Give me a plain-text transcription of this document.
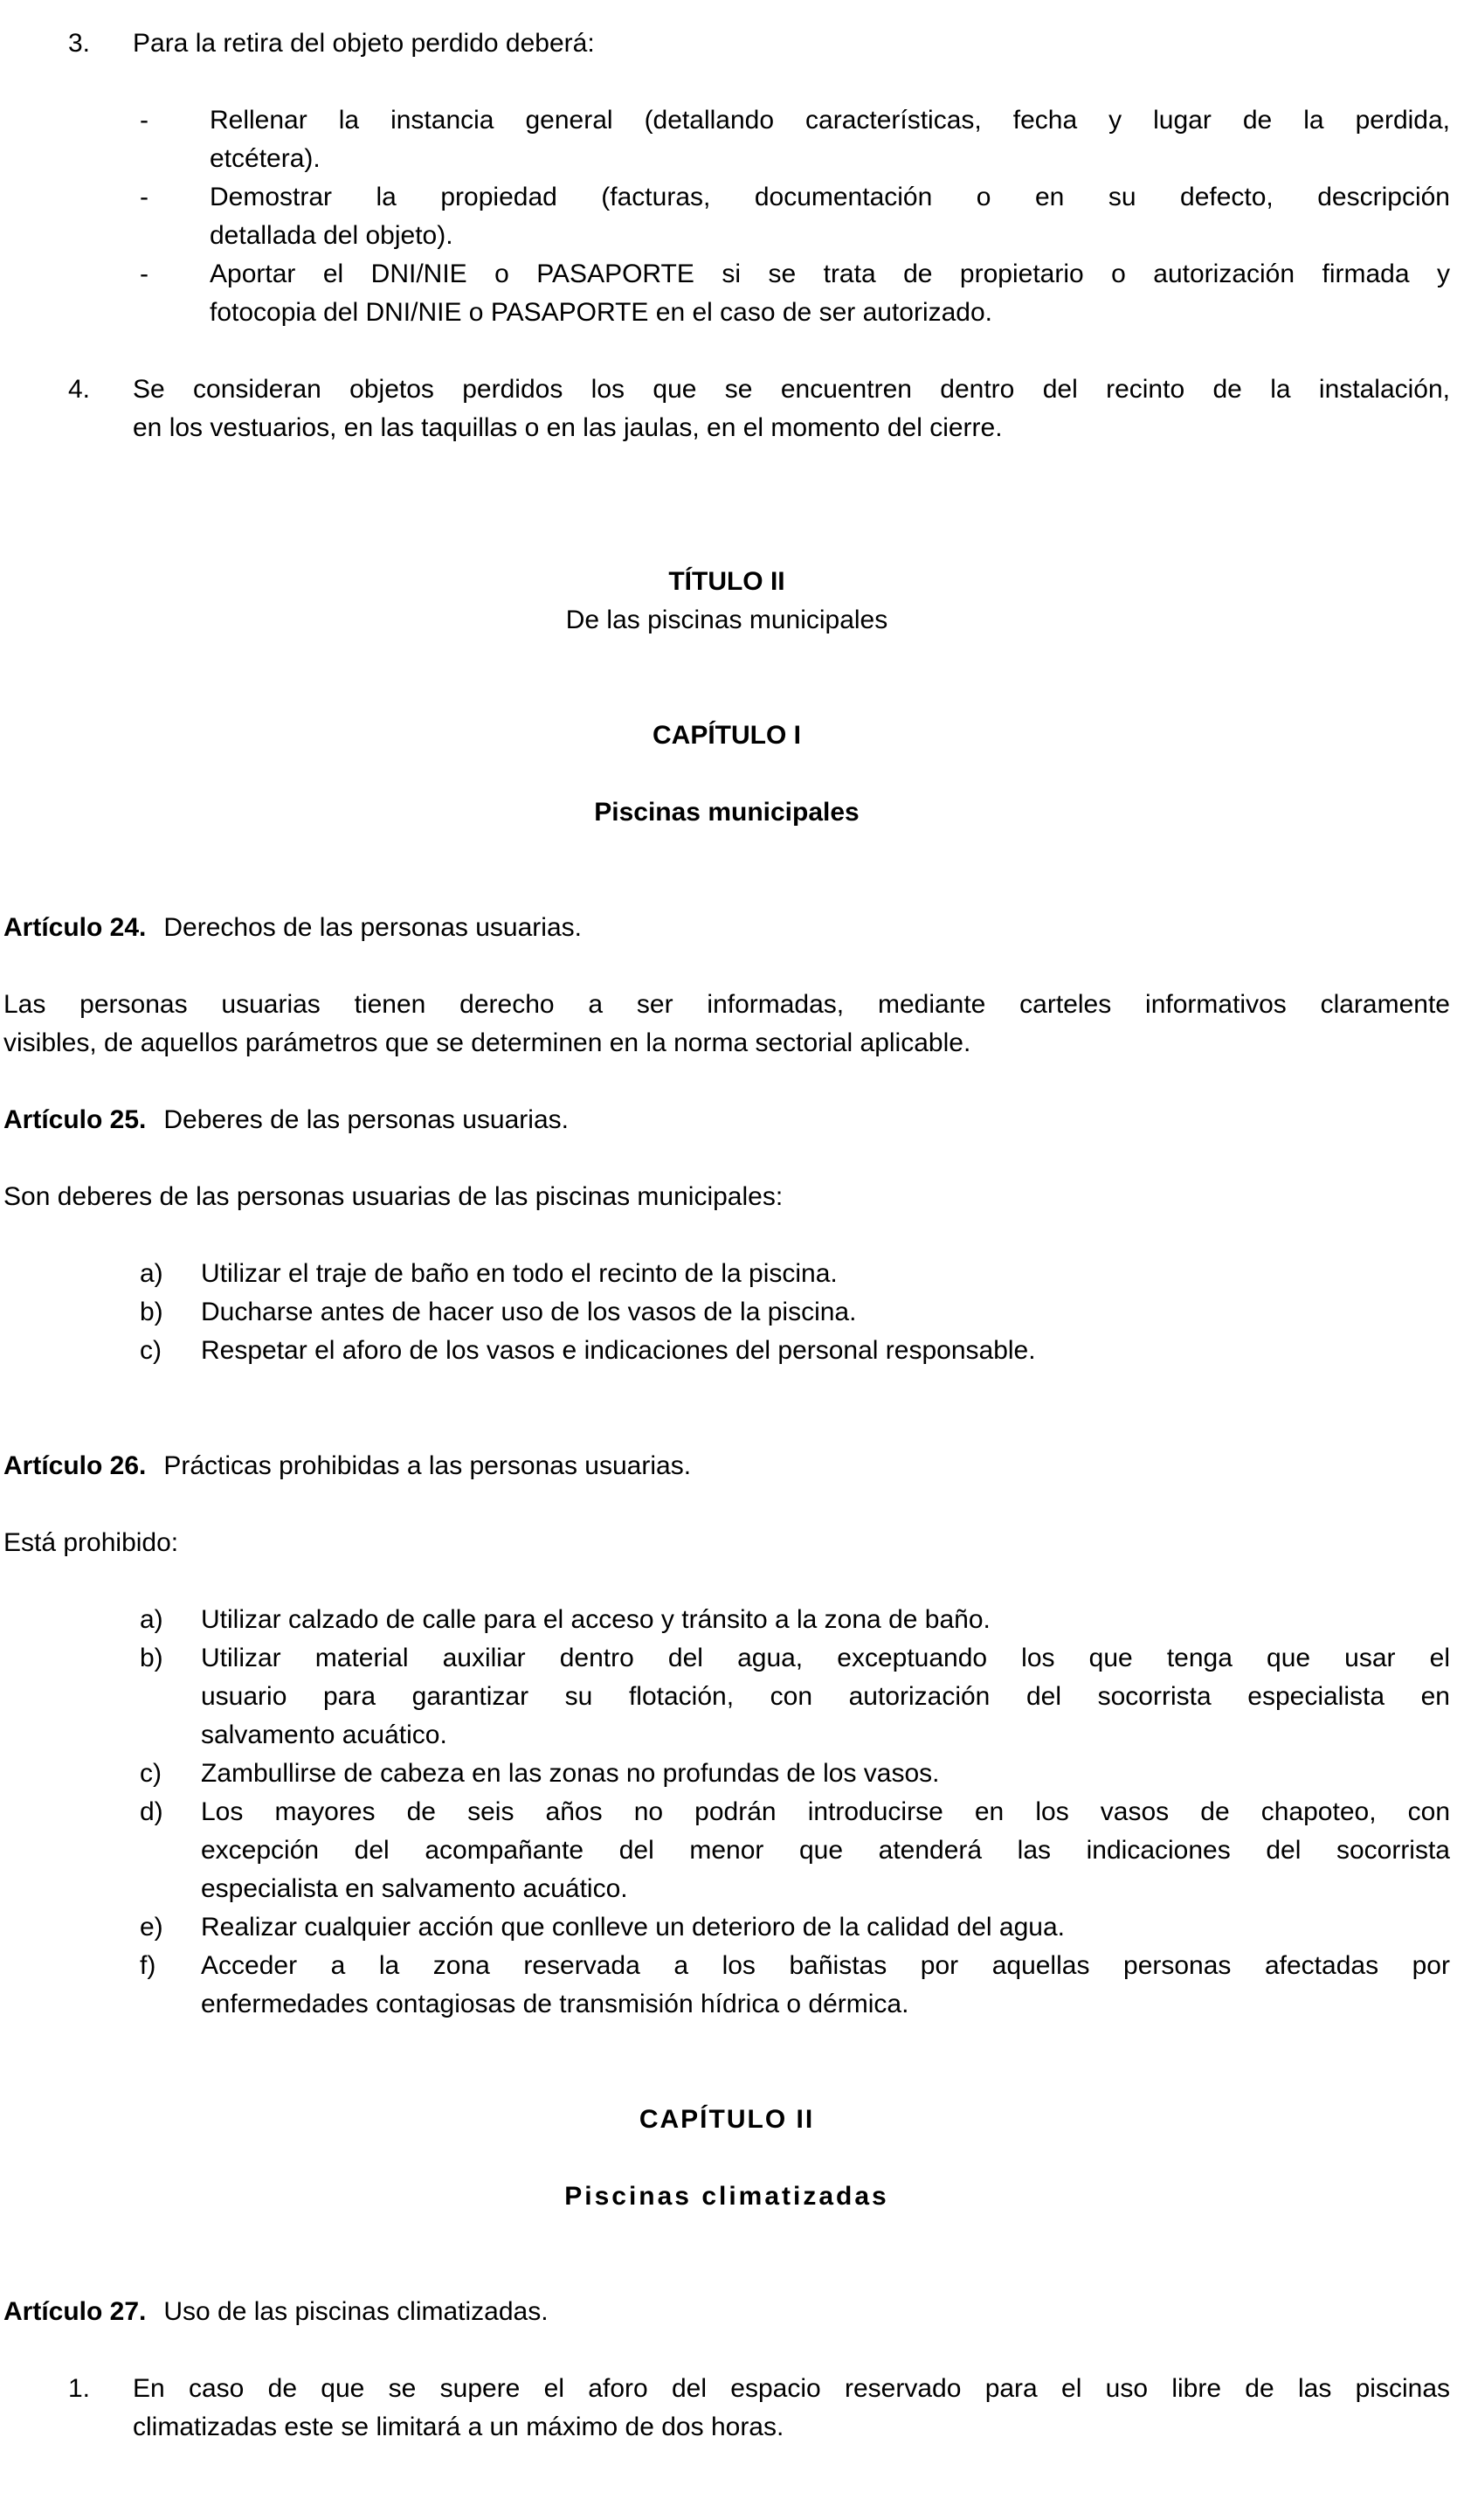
3. Para la retira del objeto perdido deberá:
- Rellenar la instancia general (detallando características, fecha y lugar de la perdida,
etcétera).
- Demostrar la propiedad (facturas, documentación o en su defecto, descripción
detallada del objeto).
- Aportar el DNI/NIE o PASAPORTE si se trata de propietario o autorización firmada y
fotocopia del DNI/NIE o PASAPORTE en el caso de ser autorizado.
4. Se consideran objetos perdidos los que se encuentren dentro del recinto de la instalación,
en los vestuarios, en las taquillas o en las jaulas, en el momento del cierre.
TÍTULO II
De las piscinas municipales
CAPÍTULO I
Piscinas municipales
Artículo 24. Derechos de las personas usuarias.
Las personas usuarias tienen derecho a ser informadas, mediante carteles informativos claramente
visibles, de aquellos parámetros que se determinen en la norma sectorial aplicable.
Artículo 25. Deberes de las personas usuarias.
Son deberes de las personas usuarias de las piscinas municipales:
a) Utilizar el traje de baño en todo el recinto de la piscina.
b) Ducharse antes de hacer uso de los vasos de la piscina.
c) Respetar el aforo de los vasos e indicaciones del personal responsable.
Artículo 26. Prácticas prohibidas a las personas usuarias.
Está prohibido:
a) Utilizar calzado de calle para el acceso y tránsito a la zona de baño.
b) Utilizar material auxiliar dentro del agua, exceptuando los que tenga que usar el
usuario para garantizar su flotación, con autorización del socorrista especialista en
salvamento acuático.
c) Zambullirse de cabeza en las zonas no profundas de los vasos.
d) Los mayores de seis años no podrán introducirse en los vasos de chapoteo, con
excepción del acompañante del menor que atenderá las indicaciones del socorrista
especialista en salvamento acuático.
e) Realizar cualquier acción que conlleve un deterioro de la calidad del agua.
f) Acceder a la zona reservada a los bañistas por aquellas personas afectadas por
enfermedades contagiosas de transmisión hídrica o dérmica.
CAPÍTULO II
Piscinas climatizadas
Artículo 27. Uso de las piscinas climatizadas.
1. En caso de que se supere el aforo del espacio reservado para el uso libre de las piscinas
climatizadas este se limitará a un máximo de dos horas.
